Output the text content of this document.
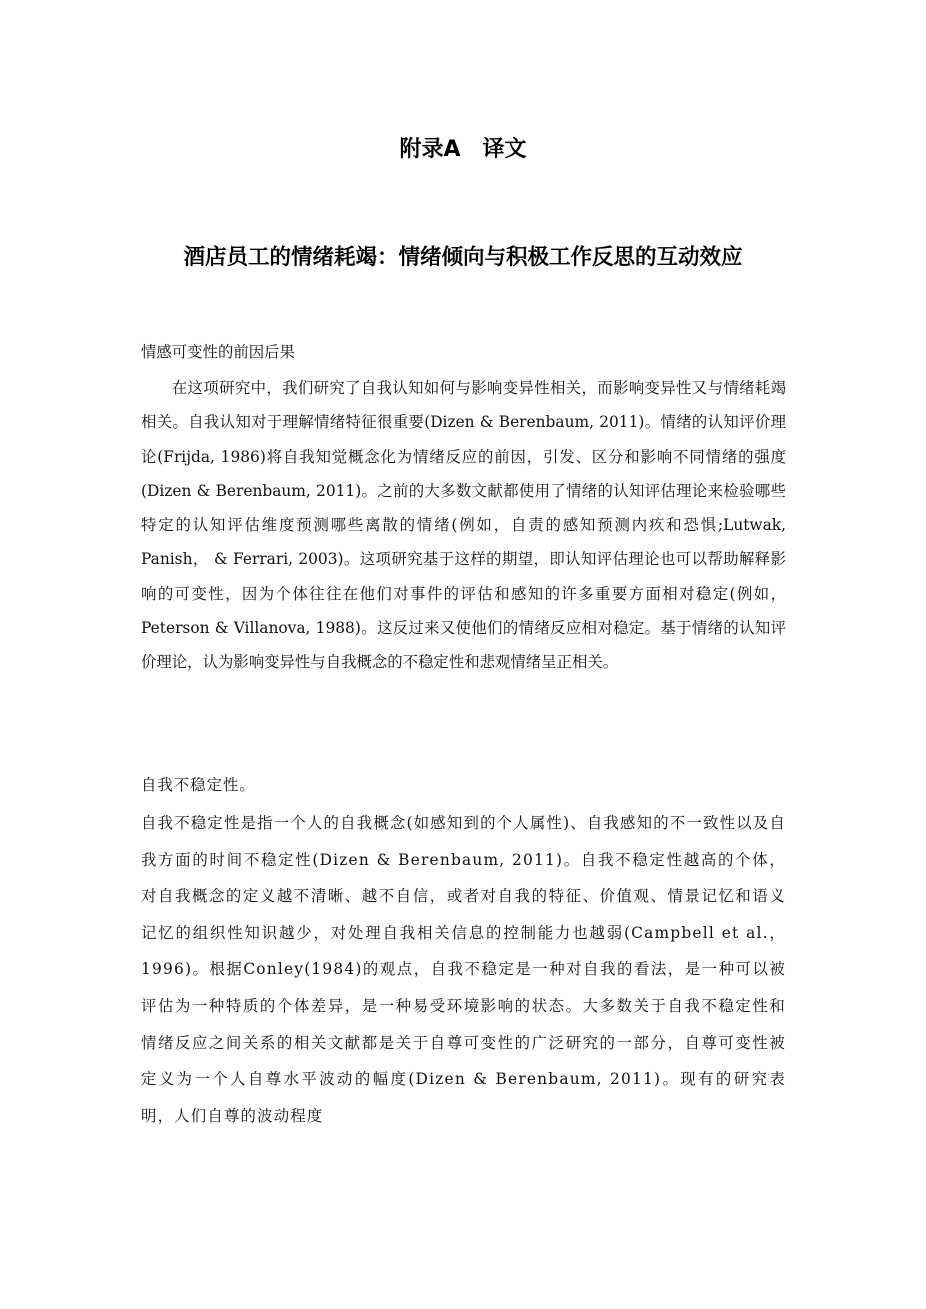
附录A　译文
酒店员工的情绪耗竭：情绪倾向与积极工作反思的互动效应
情感可变性的前因后果

在这项研究中，我们研究了自我认知如何与影响变异性相关，而影响变异性又与情绪耗竭相关。自我认知对于理解情绪特征很重要(Dizen & Berenbaum, 2011)。情绪的认知评价理论(Frijda, 1986)将自我知觉概念化为情绪反应的前因，引发、区分和影响不同情绪的强度(Dizen & Berenbaum, 2011)。之前的大多数文献都使用了情绪的认知评估理论来检验哪些特定的认知评估维度预测哪些离散的情绪(例如，自责的感知预测内疚和恐惧;Lutwak, Panish， & Ferrari, 2003)。这项研究基于这样的期望，即认知评估理论也可以帮助解释影响的可变性，因为个体往往在他们对事件的评估和感知的许多重要方面相对稳定(例如，Peterson & Villanova, 1988)。这反过来又使他们的情绪反应相对稳定。基于情绪的认知评价理论，认为影响变异性与自我概念的不稳定性和悲观情绪呈正相关。

自我不稳定性。

自我不稳定性是指一个人的自我概念(如感知到的个人属性)、自我感知的不一致性以及自我方面的时间不稳定性(Dizen & Berenbaum, 2011)。自我不稳定性越高的个体，对自我概念的定义越不清晰、越不自信，或者对自我的特征、价值观、情景记忆和语义记忆的组织性知识越少，对处理自我相关信息的控制能力也越弱(Campbell et al.， 1996)。根据Conley(1984)的观点，自我不稳定是一种对自我的看法，是一种可以被评估为一种特质的个体差异，是一种易受环境影响的状态。大多数关于自我不稳定性和情绪反应之间关系的相关文献都是关于自尊可变性的广泛研究的一部分，自尊可变性被定义为一个人自尊水平波动的幅度(Dizen & Berenbaum, 2011)。现有的研究表明，人们自尊的波动程度
